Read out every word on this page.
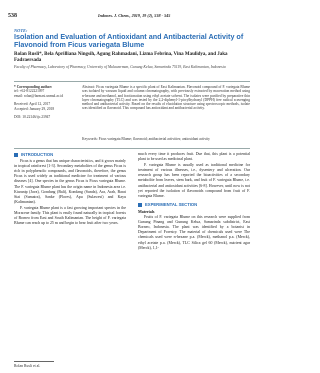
538	Indones. J. Chem., 2019, 19 (2), 538 - 545
NOTE:
Isolation and Evaluation of Antioxidant and Antibacterial Activity of Flavonoid from Ficus variegata Blume
Rolan Rusli*, Bela Aprilliana Ningsih, Agung Rahmadani, Lizma Febrina, Vina Maulidya, and Jaka Fadraersada
Faculty of Pharmacy, Laboratory of Pharmacy, University of Mulawarman, Gunung Kelua, Samarinda 75119, East Kalimantan, Indonesia
* Corresponding author:
tel: +62-8122221097
email: rolan@farmasi.unmul.ac.id
Received: April 12, 2017
Accepted: January 29, 2018
DOI: 10.22146/ijc.23947
Abstract: Ficus variegata Blume is a specific plant of East Kalimantan. Flavonoid compound of F. variegata Blume was isolated by vacuum liquid and column chromatography, with previously extracted by maceration method using n-hexane and methanol, and fractionation using ethyl acetate solvent. The isolates were purified by preparative thin layer chromatography (TLC) and was tested by the 2,2-diphenyl-1-picrylhydrazyl (DPPH) free radical scavenging method and antibacterial activity. Based on the results of elucidation structure using spectroscopic methods, isolate was identified as flavonoid. This compound has antioxidant and antibacterial activity.
Keywords: Ficus variegata Blume; flavonoid; antibacterial activities; antioxidant activity
INTRODUCTION

Ficus is a genus that has unique characteristics, and it grows mainly in tropical rainforest [1-3]. Secondary metabolites of the genus Ficus is rich in polyphenolic compounds, and flavonoids, therefore, the genus Ficus is used widely as traditional medicine for treatment of various diseases [4]. One species in the genus Ficus is Ficus variegata Blume. The F. variegata Blume plant has the origin name in Indonesia area i.e. Kiaranip (Java), Gondang (Bali), Kondang (Sunda), Ara, Arah, Barai Siai (Sumatra), Sanke (Flores), Apu (Sulawesi) and Kayu (Kalimantan).

F. variegata Blume plant is a fast growing important species in the Moraceae family. This plant is easily found naturally in tropical forests of Borneo from East and South Kalimantan. The height of F. variegata Blume can reach up to 25 m and begin to bear fruit after two years.

much every time it produces fruit. Due that, this plant is a potential plant to be used as medicinal plant.

F. variegata Blume is usually used as traditional medicine for treatment of various illnesses, i.e., dysentery and ulceration. Our research group has been reported the bioactivities of a secondary metabolite from leaves, stem bark, and fruit of F. variegata Blume, i.e. antibacterial and antioxidant activities [6-8]. However, until now is not yet reported the isolation of flavonoids compound from fruit of F. variegata Blume.

EXPERIMENTAL SECTION
Materials

Fruits of F. variegata Blume on this research were supplied from Gunung Pinang and Gunung Kelua, Samarinda subdistrict, East Borneo, Indonesia. The plant was identified by a botanist in Department of Forestry. The material of chemicals used were The chemicals used were n-hexane p.a. (Merck), methanol p.a. (Merck), ethyl acetate p.a. (Merck), TLC Silica gel 60 (Merck), nutrient agar (Merck), 1,1-

Rolan Rusli et al.
